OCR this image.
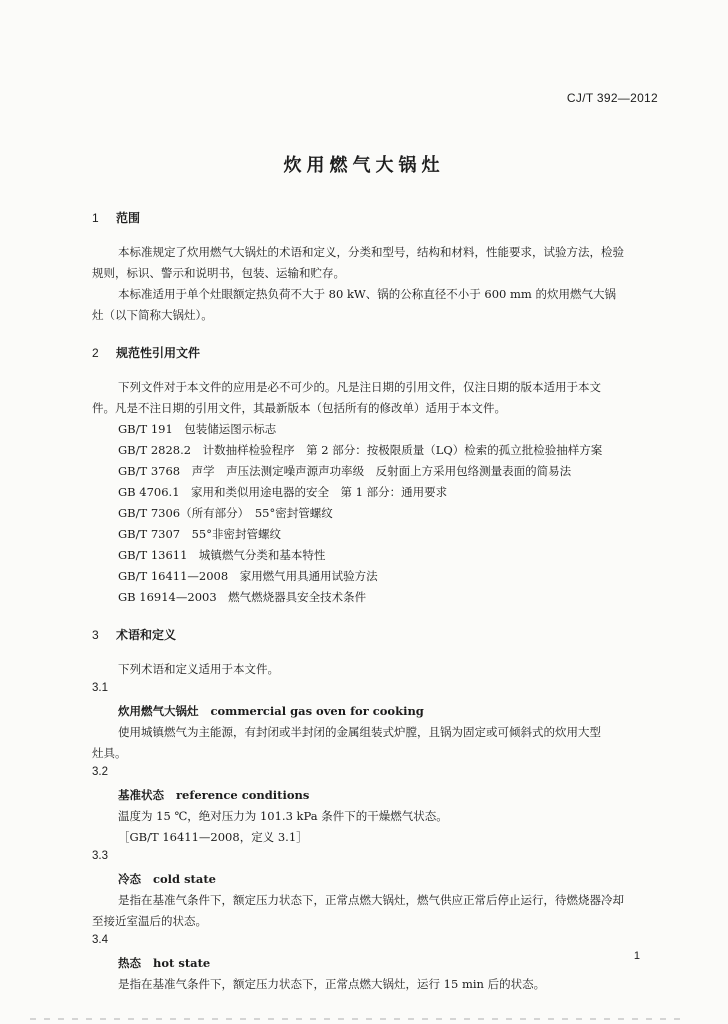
CJ/T 392—2012
炊用燃气大锅灶
1 范围
本标准规定了炊用燃气大锅灶的术语和定义，分类和型号，结构和材料，性能要求，试验方法，检验
规则，标识、警示和说明书，包装、运输和贮存。
本标准适用于单个灶眼额定热负荷不大于 80 kW、锅的公称直径不小于 600 mm 的炊用燃气大锅
灶（以下简称大锅灶）。
2 规范性引用文件
下列文件对于本文件的应用是必不可少的。凡是注日期的引用文件，仅注日期的版本适用于本文
件。凡是不注日期的引用文件，其最新版本（包括所有的修改单）适用于本文件。
GB/T 191　包装储运图示标志
GB/T 2828.2　计数抽样检验程序　第 2 部分：按极限质量（LQ）检索的孤立批检验抽样方案
GB/T 3768　声学　声压法测定噪声源声功率级　反射面上方采用包络测量表面的简易法
GB 4706.1　家用和类似用途电器的安全　第 1 部分：通用要求
GB/T 7306（所有部分）　55°密封管螺纹
GB/T 7307　55°非密封管螺纹
GB/T 13611　城镇燃气分类和基本特性
GB/T 16411—2008　家用燃气用具通用试验方法
GB 16914—2003　燃气燃烧器具安全技术条件
3 术语和定义
下列术语和定义适用于本文件。
3.1
炊用燃气大锅灶 commercial gas oven for cooking
使用城镇燃气为主能源，有封闭或半封闭的金属组装式炉膛，且锅为固定或可倾斜式的炊用大型
灶具。
3.2
基准状态 reference conditions
温度为 15 ℃，绝对压力为 101.3 kPa 条件下的干燥燃气状态。
［GB/T 16411—2008，定义 3.1］
3.3
冷态 cold state
是指在基准气条件下，额定压力状态下，正常点燃大锅灶，燃气供应正常后停止运行，待燃烧器冷却
至接近室温后的状态。
3.4
热态 hot state
是指在基准气条件下，额定压力状态下，正常点燃大锅灶，运行 15 min 后的状态。
1
